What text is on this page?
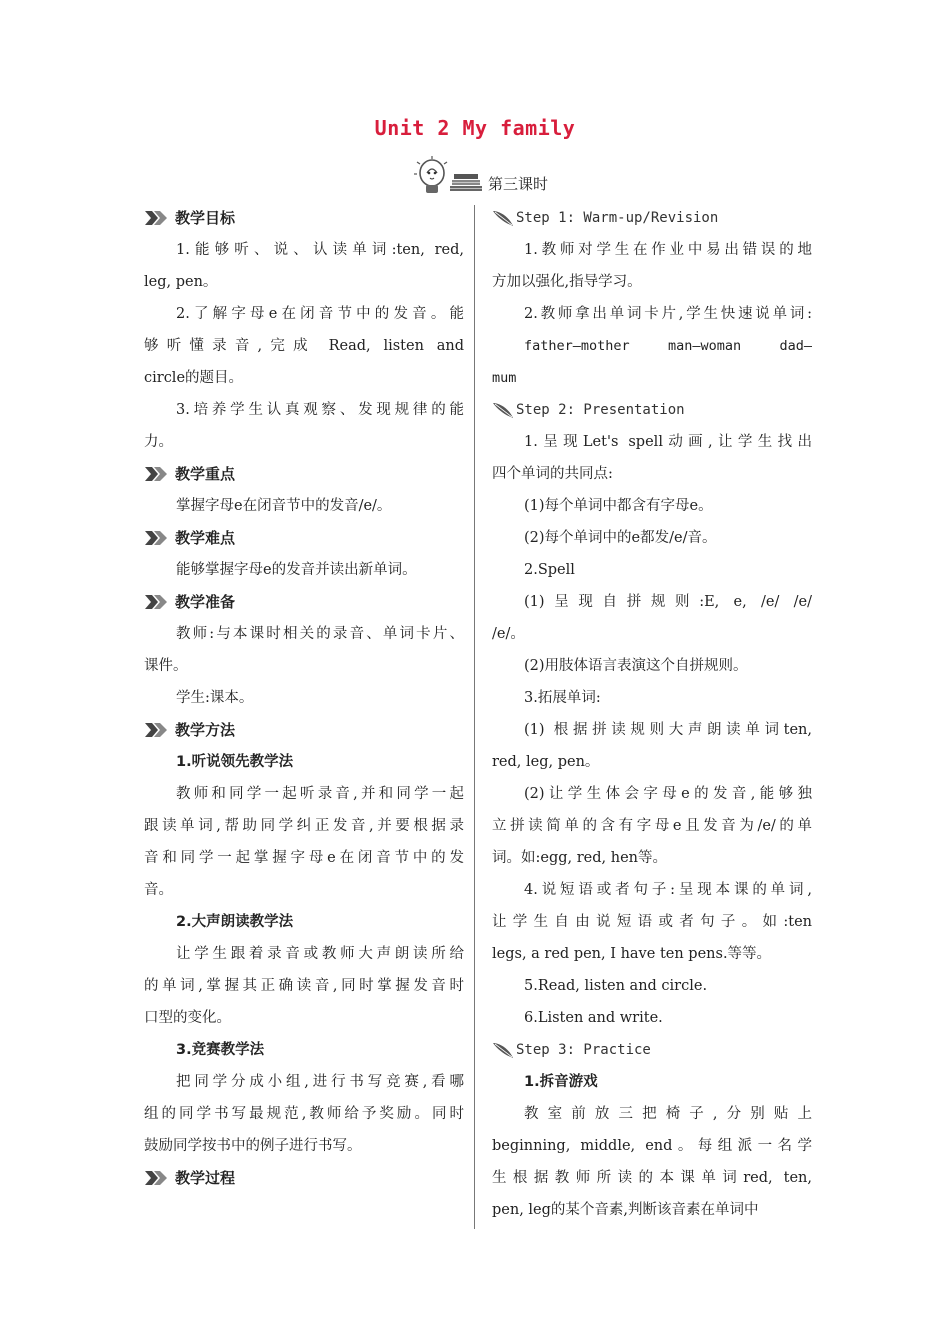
Unit 2 My family
第三课时
教学目标
1.能够听、说、认读单词:ten, red,
leg, pen。
2.了解字母e在闭音节中的发音。能
够听懂录音,完成 Read, listen and
circle的题目。
3.培养学生认真观察、发现规律的能
力。
教学重点
掌握字母e在闭音节中的发音/e/。
教学难点
能够掌握字母e的发音并读出新单词。
教学准备
教师:与本课时相关的录音、单词卡片、
课件。
学生:课本。
教学方法
1.听说领先教学法
教师和同学一起听录音,并和同学一起
跟读单词,帮助同学纠正发音,并要根据录
音和同学一起掌握字母e在闭音节中的发
音。
2.大声朗读教学法
让学生跟着录音或教师大声朗读所给
的单词,掌握其正确读音,同时掌握发音时
口型的变化。
3.竞赛教学法
把同学分成小组,进行书写竞赛,看哪
组的同学书写最规范,教师给予奖励。同时
鼓励同学按书中的例子进行书写。
教学过程
Step 1: Warm-up/Revision
1.教师对学生在作业中易出错误的地
方加以强化,指导学习。
2.教师拿出单词卡片,学生快速说单词:
father—mother man—woman dad—
mum
Step 2: Presentation
1.呈现Let's spell动画,让学生找出
四个单词的共同点:
(1)每个单词中都含有字母e。
(2)每个单词中的e都发/e/音。
2.Spell
(1)呈现自拼规则:E, e, /e/ /e/
/e/。
(2)用肢体语言表演这个自拼规则。
3.拓展单词:
(1) 根据拼读规则大声朗读单词ten,
red, leg, pen。
(2)让学生体会字母e的发音,能够独
立拼读简单的含有字母e且发音为/e/的单
词。如:egg, red, hen等。
4.说短语或者句子:呈现本课的单词,
让学生自由说短语或者句子。如:ten
legs, a red pen, I have ten pens.等等。
5.Read, listen and circle.
6.Listen and write.
Step 3: Practice
1.拆音游戏
教室前放三把椅子,分别贴上
beginning, middle, end。每组派一名学
生根据教师所读的本课单词red, ten,
pen, leg的某个音素,判断该音素在单词中
